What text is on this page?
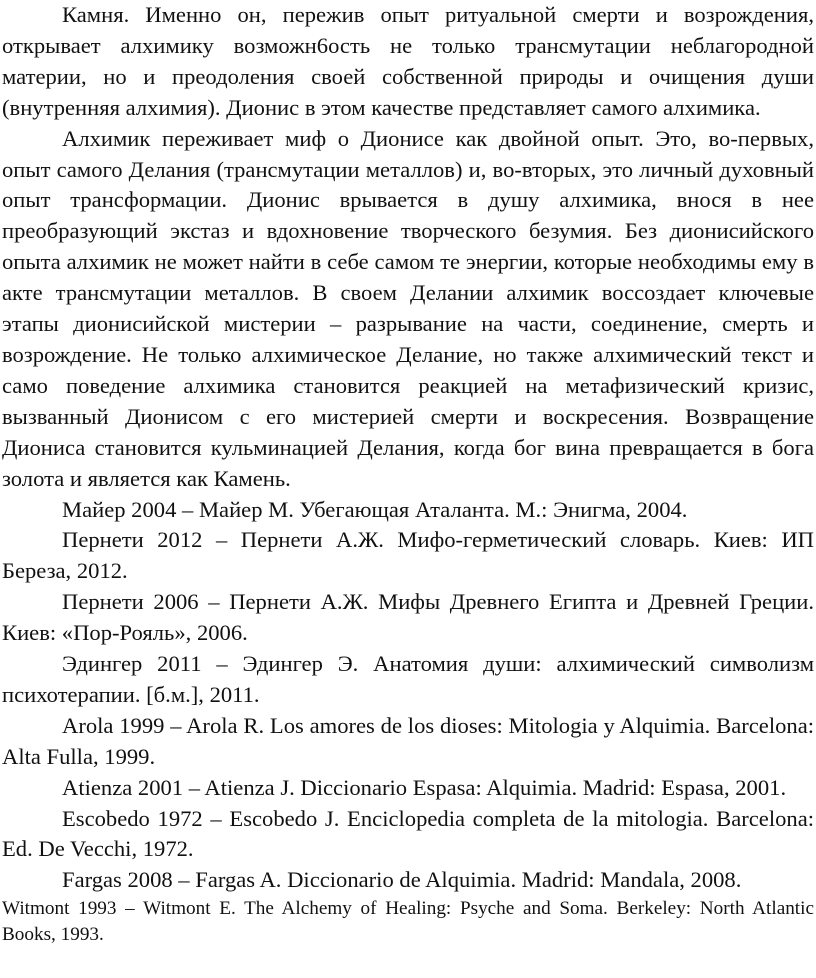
Камня. Именно он, пережив опыт ритуальной смерти и возрождения, открывает алхимику возможн6ость не только трансмутации неблагородной материи, но и преодоления своей собственной природы и очищения души (внутренняя алхимия). Дионис в этом качестве представляет самого алхимика.

Алхимик переживает миф о Дионисе как двойной опыт. Это, во-первых, опыт самого Делания (трансмутации металлов) и, во-вторых, это личный духовный опыт трансформации. Дионис врывается в душу алхимика, внося в нее преобразующий экстаз и вдохновение творческого безумия. Без дионисийского опыта алхимик не может найти в себе самом те энергии, которые необходимы ему в акте трансмутации металлов. В своем Делании алхимик воссоздает ключевые этапы дионисийской мистерии – разрывание на части, соединение, смерть и возрождение. Не только алхимическое Делание, но также алхимический текст и само поведение алхимика становится реакцией на метафизический кризис, вызванный Дионисом с его мистерией смерти и воскресения. Возвращение Диониса становится кульминацией Делания, когда бог вина превращается в бога золота и является как Камень.

Майер 2004 – Майер М. Убегающая Аталанта. М.: Энигма, 2004.

Пернети 2012 – Пернети А.Ж. Мифо-герметический словарь. Киев: ИП Береза, 2012.

Пернети 2006 – Пернети А.Ж. Мифы Древнего Египта и Древней Греции. Киев: «Пор-Рояль», 2006.

Эдингер 2011 – Эдингер Э. Анатомия души: алхимический символизм психотерапии. [б.м.], 2011.

Arola 1999 – Arola R. Los amores de los dioses: Mitologia y Alquimia. Barcelona: Alta Fulla, 1999.

Atienza 2001 – Atienza J. Diccionario Espasa: Alquimia. Madrid: Espasa, 2001.

Escobedo 1972 – Escobedo J. Enciclopedia completa de la mitologia. Barcelona: Ed. De Vecchi, 1972.

Fargas 2008 – Fargas A. Diccionario de Alquimia. Madrid: Mandala, 2008.

Witmont 1993 – Witmont E. The Alchemy of Healing: Psyche and Soma. Berkeley: North Atlantic Books, 1993.
